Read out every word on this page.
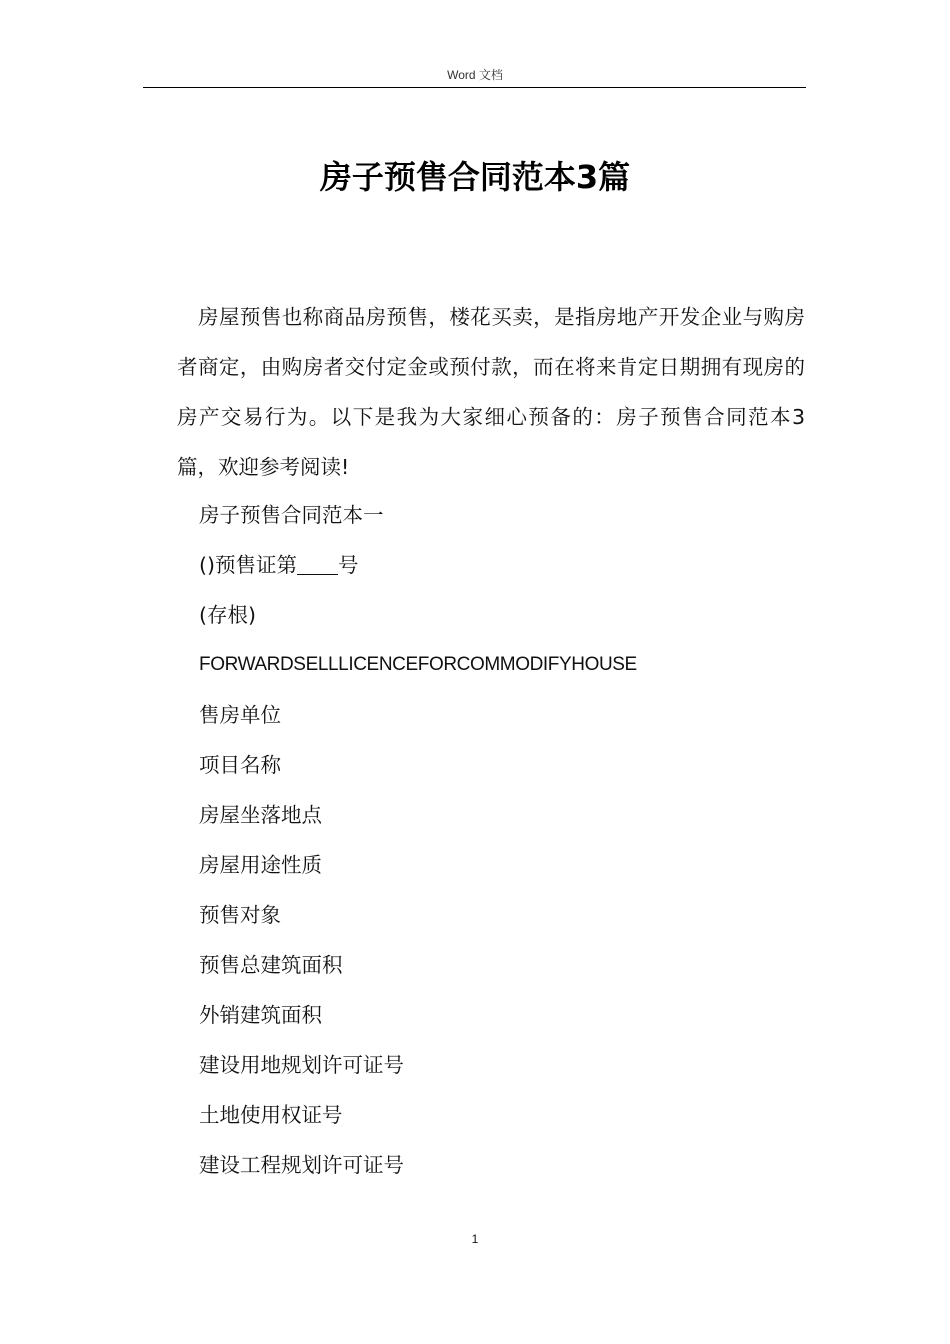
Word 文档
房子预售合同范本3篇

房屋预售也称商品房预售，楼花买卖，是指房地产开发企业与购房者商定，由购房者交付定金或预付款，而在将来肯定日期拥有现房的房产交易行为。以下是我为大家细心预备的：房子预售合同范本3篇，欢迎参考阅读!

房子预售合同范本一
()预售证第 号
(存根)
FORWARDSELLLICENCEFORCOMMODIFYHOUSE
售房单位
项目名称
房屋坐落地点
房屋用途性质
预售对象
预售总建筑面积
外销建筑面积
建设用地规划许可证号
土地使用权证号
建设工程规划许可证号
1
